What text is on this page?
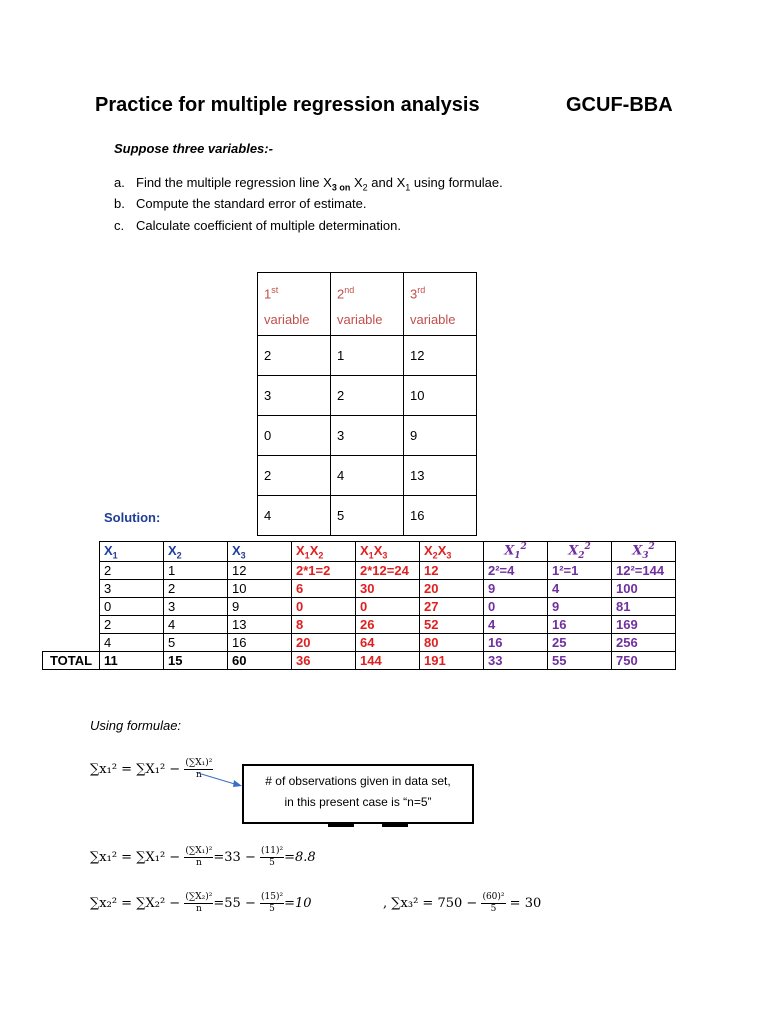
Practice for multiple regression analysis	GCUF-BBA
Suppose three variables:-
a. Find the multiple regression line $X_{3 on}$ $X_2$ and $X_1$ using formulae.
b. Compute the standard error of estimate.
c. Calculate coefficient of multiple determination.
1st
variable	2nd
variable	3rd
variable
2	1	12
3	2	10
0	3	9
2	4	13
4	5	16
Solution:
	$X_1$	$X_2$	$X_3$	$X_1X_2$	$X_1X_3$	$X_2X_3$	$X_1^2$	$X_2^2$	$X_3^2$
	2	1	12	2*1=2	2*12=24	12	2²=4	1²=1	12²=144
	3	2	10	6	30	20	9	4	100
	0	3	9	0	0	27	0	9	81
	2	4	13	8	26	52	4	16	169
	4	5	16	20	64	80	16	25	256
TOTAL	11	15	60	36	144	191	33	55	750
Using formulae:
$\sum x_1^2 = \sum X_1^2 - \frac{\text{(∑X₁)²}}{n}$	# of observations given in data set,
in this present case is “n=5”
$\sum x_1^2 = \sum X_1^2 - \frac{\text{(∑X₁)²}}{n} =33 - \frac{\text{(11)²}}{5} =8.8$
$\sum x_2^2 = \sum X_2^2 - \frac{\text{(∑X₂)²}}{n} =55 - \frac{\text{(15)²}}{5} =10$	, $\sum x_3^2 = 750 - \frac{\text{(60)²}}{5} = 30$
